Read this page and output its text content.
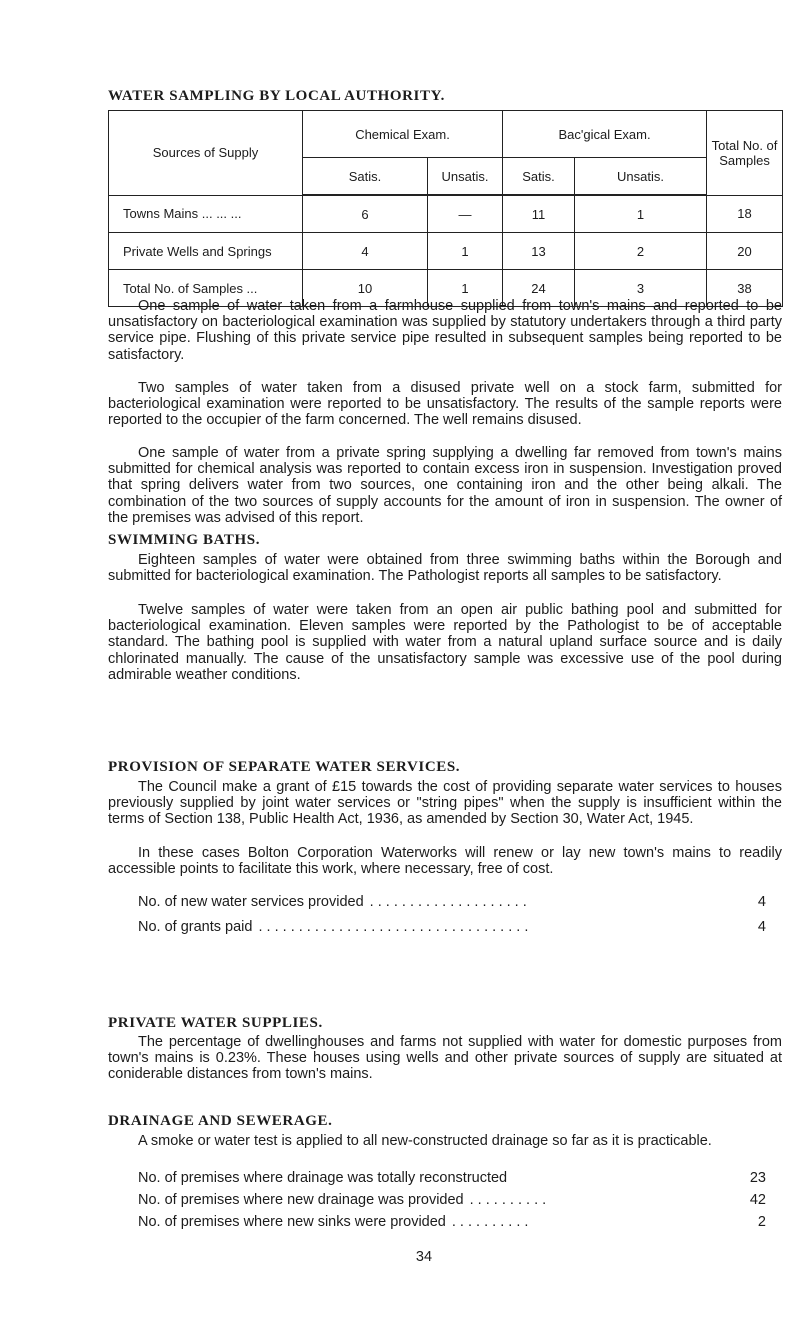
WATER SAMPLING BY LOCAL AUTHORITY.
Sources of Supply	Chemical Exam.		Bac'gical Exam.		Total No. of Samples
	Satis.	Unsatis.	Satis.	Unsatis.	
Towns Mains ... ... ...	6	—	11	1	18
Private Wells and Springs	4	1	13	2	20
Total No. of Samples ...	10	1	24	3	38

One sample of water taken from a farmhouse supplied from town's mains and reported to be unsatisfactory on bacteriological examination was supplied by statutory undertakers through a third party service pipe. Flushing of this private service pipe resulted in subsequent samples being reported to be satisfactory.

Two samples of water taken from a disused private well on a stock farm, submitted for bacteriological examination were reported to be unsatisfactory. The results of the sample reports were reported to the occupier of the farm concerned. The well remains disused.

One sample of water from a private spring supplying a dwelling far removed from town's mains submitted for chemical analysis was reported to contain excess iron in suspension. Investigation proved that spring delivers water from two sources, one containing iron and the other being alkali. The combination of the two sources of supply accounts for the amount of iron in suspension. The owner of the premises was advised of this report.

SWIMMING BATHS.

Eighteen samples of water were obtained from three swimming baths within the Borough and submitted for bacteriological examination. The Pathologist reports all samples to be satisfactory.

Twelve samples of water were taken from an open air public bathing pool and submitted for bacteriological examination. Eleven samples were reported by the Pathologist to be of acceptable standard. The bathing pool is supplied with water from a natural upland surface source and is daily chlorinated manually. The cause of the unsatisfactory sample was excessive use of the pool during admirable weather conditions.

PROVISION OF SEPARATE WATER SERVICES.

The Council make a grant of £15 towards the cost of providing separate water services to houses previously supplied by joint water services or "string pipes" when the supply is insufficient within the terms of Section 138, Public Health Act, 1936, as amended by Section 30, Water Act, 1945.

In these cases Bolton Corporation Waterworks will renew or lay new town's mains to readily accessible points to facilitate this work, where necessary, free of cost.

No. of new water services provided . . . . . . . . . . . . . . . . . . . .	4
No. of grants paid . . . . . . . . . . . . . . . . . . . . . . . . . . . . . . . . . .	4
PRIVATE WATER SUPPLIES.

The percentage of dwellinghouses and farms not supplied with water for domestic purposes from town's mains is 0.23%. These houses using wells and other private sources of supply are situated at coniderable distances from town's mains.

DRAINAGE AND SEWERAGE.

A smoke or water test is applied to all new-constructed drainage so far as it is practicable.

No. of premises where drainage was totally reconstructed	23
No. of premises where new drainage was provided . . . . . . . . . .	42
No. of premises where new sinks were provided . . . . . . . . . .	2
34
